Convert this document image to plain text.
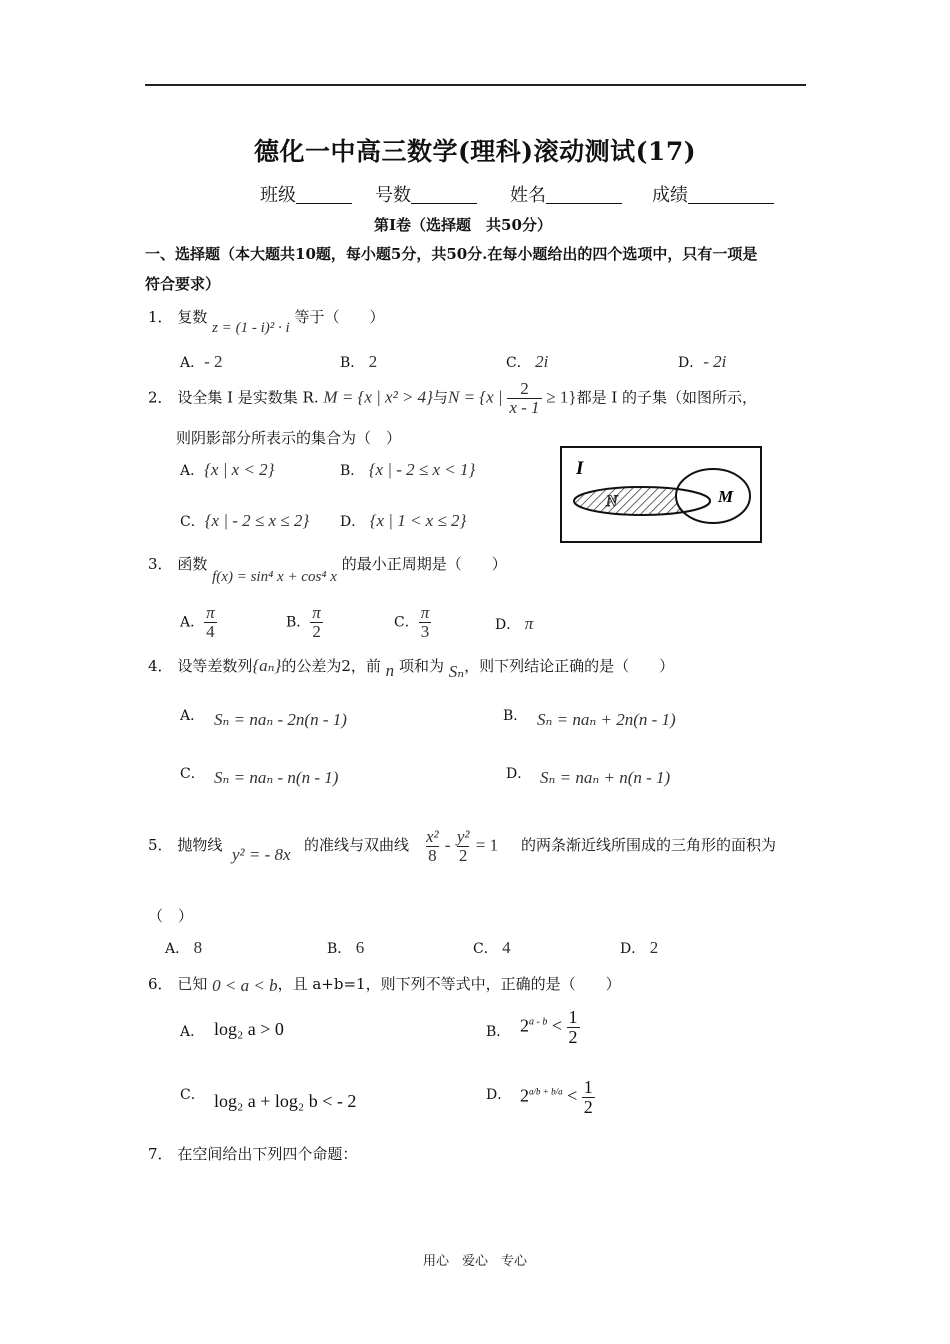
德化一中高三数学(理科)滚动测试(17)
班级	号数	姓名	成绩
第Ⅰ卷（选择题　共50分）
一、选择题（本大题共10题，每小题5分，共50分.在每小题给出的四个选项中，只有一项是
符合要求）
1． 复数 z = (1 - i)² · i 等于（　　）
A．- 2	B． 2	C． 2i	D．- 2i
2． 设全集 I 是实数集 R. M = {x | x² > 4}与N = {x | $\frac{2}{x - 1} \ge 1$}都是 I 的子集（如图所示，
则阴影部分所表示的集合为（　）
A．{x | x < 2}	B． {x | - 2 ≤ x < 1}
C．{x | - 2 ≤ x ≤ 2} D． {x | 1 < x ≤ 2}
I
N	M
3． 函数 f(x) = sin⁴ x + cos⁴ x 的最小正周期是（　　）
A． $\frac{\pi}{4}$	B． $\frac{\pi}{2}$	C． $\frac{\pi}{3}$	D． π
4． 设等差数列{aₙ}的公差为2，前 n 项和为 Sₙ，则下列结论正确的是（　　）
A． Sₙ = naₙ - 2n(n - 1)	B． Sₙ = naₙ + 2n(n - 1)
C． Sₙ = naₙ - n(n - 1)	D． Sₙ = naₙ + n(n - 1)
5． 抛物线 y² = - 8x 的准线与双曲线 $\frac{\text{x²}}{8} - \frac{\text{y²}}{2} = 1$ 的两条渐近线所围成的三角形的面积为
（　）
A． 8	B． 6	C． 4	D． 2
6． 已知 0 < a < b，且 a+b=1，则下列不等式中，正确的是（　　）
A． log₂ a > 0	B． $2^{a - b} < \frac{1}{2}$
C． log₂ a + log₂ b < - 2	D． $2^{a/b + b/a} < \frac{1}{2}$
7． 在空间给出下列四个命题：
用心　爱心　专心
